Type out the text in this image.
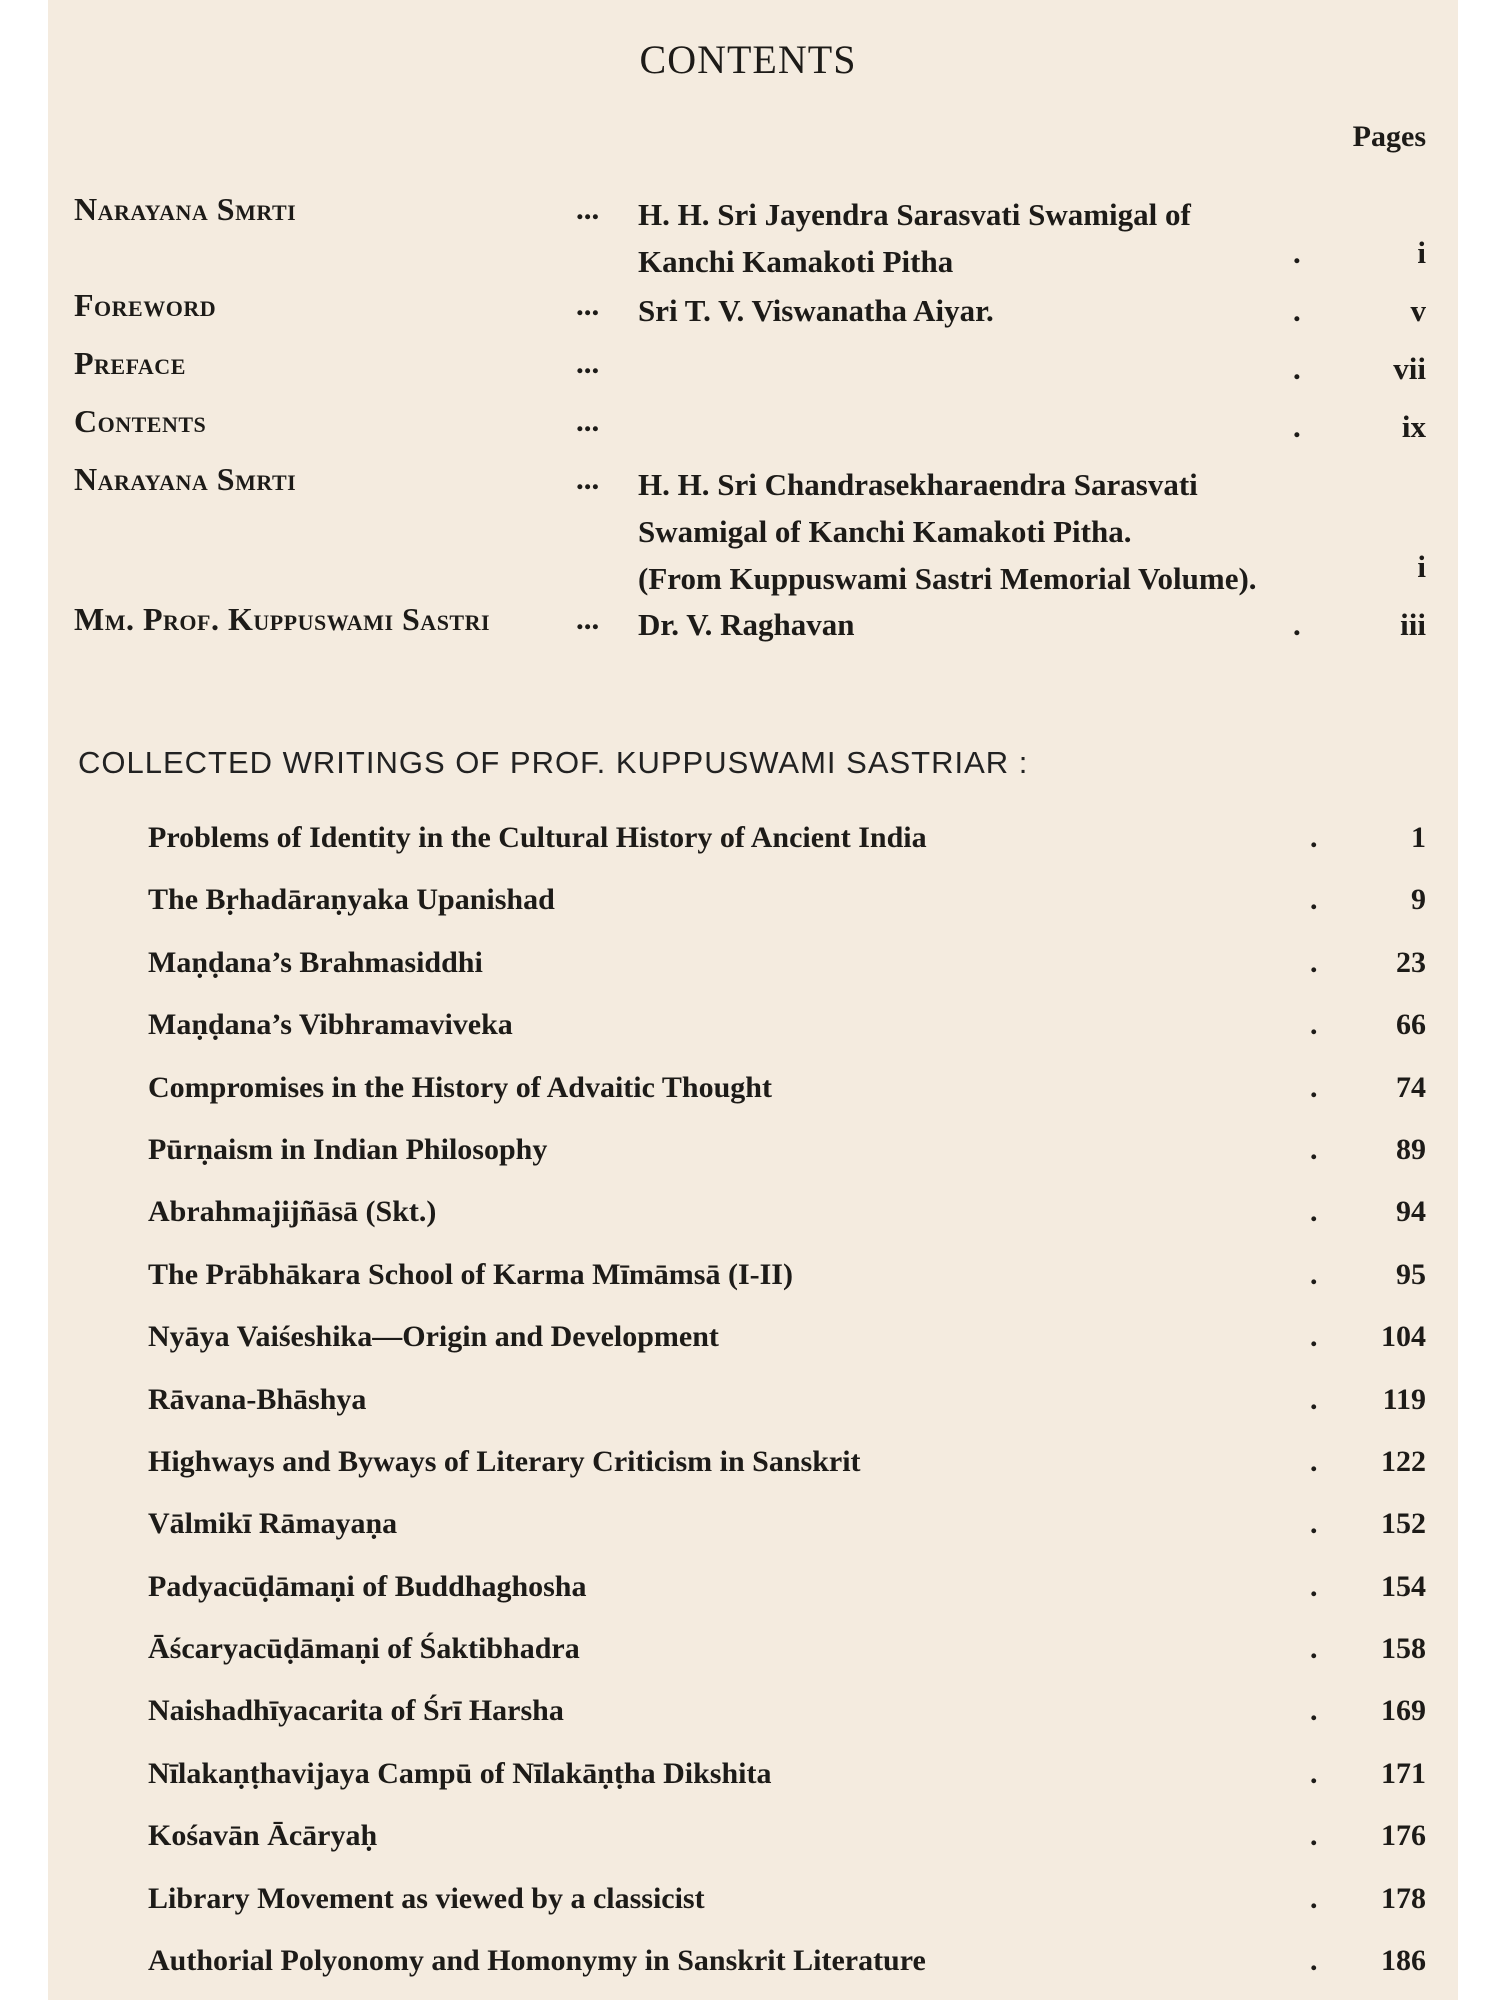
CONTENTS
Pages
Narayana Smrti	... H. H. Sri Jayendra Sarasvati Swamigal of
Kanchi Kamakoti Pitha	.	i
Foreword	... Sri T. V. Viswanatha Aiyar.	.	v
Preface	...	.	vii
Contents	...	.	ix
Narayana Smrti	... H. H. Sri Chandrasekharaendra Sarasvati
Swamigal of Kanchi Kamakoti Pitha.
(From Kuppuswami Sastri Memorial Volume).	i
Mm. Prof. Kuppuswami Sastri	... Dr. V. Raghavan	.	iii
COLLECTED WRITINGS OF PROF. KUPPUSWAMI SASTRIAR :
Problems of Identity in the Cultural History of Ancient India	.	1
The Bṛhadāraṇyaka Upanishad	.	9
Maṇḍana’s Brahmasiddhi	.	23
Maṇḍana’s Vibhramaviveka	.	66
Compromises in the History of Advaitic Thought	.	74
Pūrṇaism in Indian Philosophy	.	89
Abrahmajijñāsā (Skt.)	.	94
The Prābhākara School of Karma Mīmāmsā (I-II)	.	95
Nyāya Vaiśeshika—Origin and Development	. 104
Rāvana-Bhāshya	. 119
Highways and Byways of Literary Criticism in Sanskrit	. 122
Vālmikī Rāmayaṇa	. 152
Padyacūḍāmaṇi of Buddhaghosha	. 154
Āścaryacūḍāmaṇi of Śaktibhadra	. 158
Naishadhīyacarita of Śrī Harsha	. 169
Nīlakaṇṭhavijaya Campū of Nīlakāṇṭha Dikshita	. 171
Kośavān Ācāryaḥ	. 176
Library Movement as viewed by a classicist	. 178
Authorial Polyonomy and Homonymy in Sanskrit Literature	. 186
